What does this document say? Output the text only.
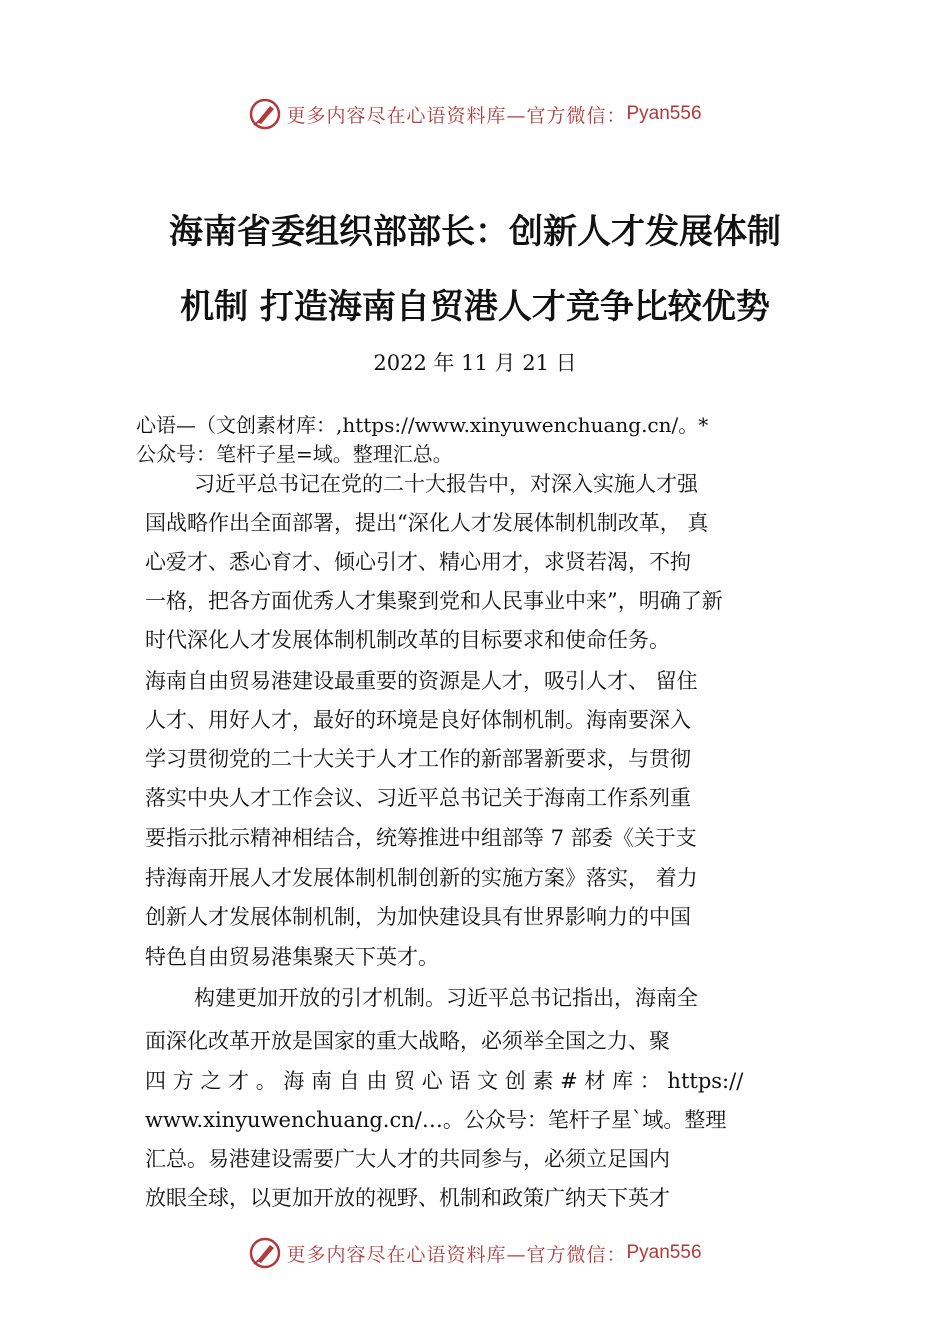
更多内容尽在心语资料库—官方微信： Pyan556
海南省委组织部部长：创新人才发展体制
机制 打造海南自贸港人才竞争比较优势
2022 年 11 月 21 日
心语—（文创素材库：,https://www.xinyuwenchuang.cn/。*
公众号：笔杆子星=域。整理汇总。
习近平总书记在党的二十大报告中，对深入实施人才强
国战略作出全面部署，提出“深化人才发展体制机制改革， 真
心爱才、悉心育才、倾心引才、精心用才，求贤若渴，不拘
一格，把各方面优秀人才集聚到党和人民事业中来”，明确了新
时代深化人才发展体制机制改革的目标要求和使命任务。
海南自由贸易港建设最重要的资源是人才，吸引人才、 留住
人才、用好人才，最好的环境是良好体制机制。海南要深入
学习贯彻党的二十大关于人才工作的新部署新要求，与贯彻
落实中央人才工作会议、习近平总书记关于海南工作系列重
要指示批示精神相结合，统筹推进中组部等 7 部委《关于支
持海南开展人才发展体制机制创新的实施方案》落实， 着力
创新人才发展体制机制，为加快建设具有世界影响力的中国
特色自由贸易港集聚天下英才。
构建更加开放的引才机制。习近平总书记指出，海南全
面深化改革开放是国家的重大战略，必须举全国之力、聚
四 方 之 才 。 海 南 自 由 贸 心 语 文 创 素 # 材 库 ： https://
www.xinyuwenchuang.cn/…。公众号：笔杆子星`域。整理
汇总。易港建设需要广大人才的共同参与，必须立足国内
放眼全球，以更加开放的视野、机制和政策广纳天下英才
更多内容尽在心语资料库—官方微信： Pyan556
